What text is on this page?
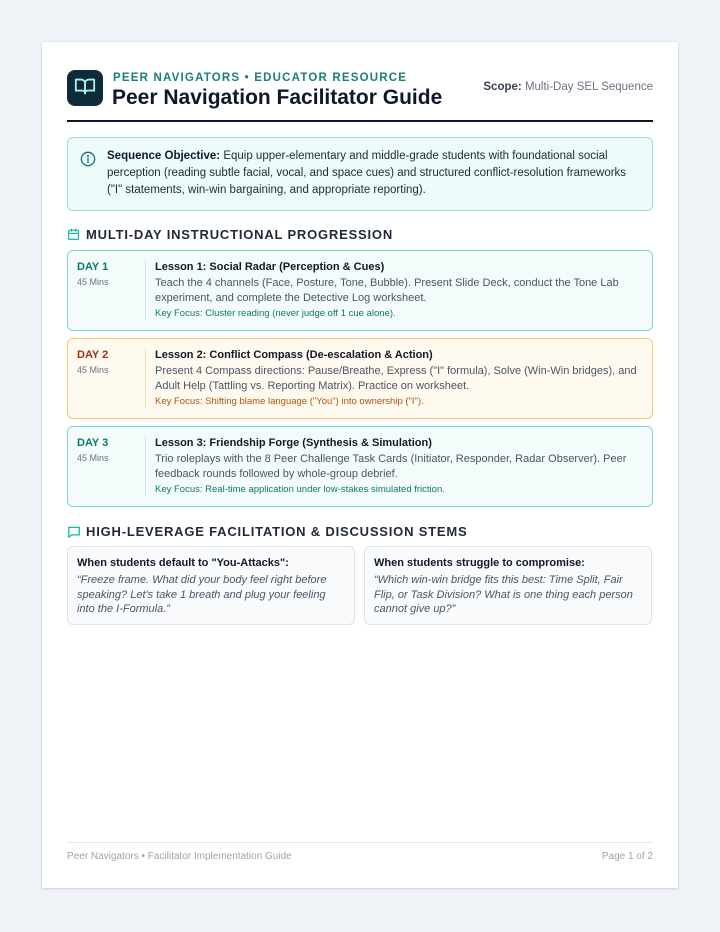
PEER NAVIGATORS • EDUCATOR RESOURCE
Peer Navigation Facilitator Guide	Scope: Multi-Day SEL Sequence
Sequence Objective: Equip upper-elementary and middle-grade students with foundational social perception (reading subtle facial, vocal, and space cues) and structured conflict-resolution frameworks ("I" statements, win-win bargaining, and appropriate reporting).
MULTI-DAY INSTRUCTIONAL PROGRESSION
DAY 1
45 Mins
Lesson 1: Social Radar (Perception & Cues)
Teach the 4 channels (Face, Posture, Tone, Bubble). Present Slide Deck, conduct the Tone Lab experiment, and complete the Detective Log worksheet.
Key Focus: Cluster reading (never judge off 1 cue alone).
DAY 2
45 Mins
Lesson 2: Conflict Compass (De-escalation & Action)
Present 4 Compass directions: Pause/Breathe, Express ("I" formula), Solve (Win-Win bridges), and Adult Help (Tattling vs. Reporting Matrix). Practice on worksheet.
Key Focus: Shifting blame language ("You") into ownership ("I").
DAY 3
45 Mins
Lesson 3: Friendship Forge (Synthesis & Simulation)
Trio roleplays with the 8 Peer Challenge Task Cards (Initiator, Responder, Radar Observer). Peer feedback rounds followed by whole-group debrief.
Key Focus: Real-time application under low-stakes simulated friction.
HIGH-LEVERAGE FACILITATION & DISCUSSION STEMS
When students default to "You-Attacks":
“Freeze frame. What did your body feel right before speaking? Let's take 1 breath and plug your feeling into the I-Formula.”
When students struggle to compromise:
“Which win-win bridge fits this best: Time Split, Fair Flip, or Task Division? What is one thing each person cannot give up?”
Peer Navigators • Facilitator Implementation Guide	Page 1 of 2
